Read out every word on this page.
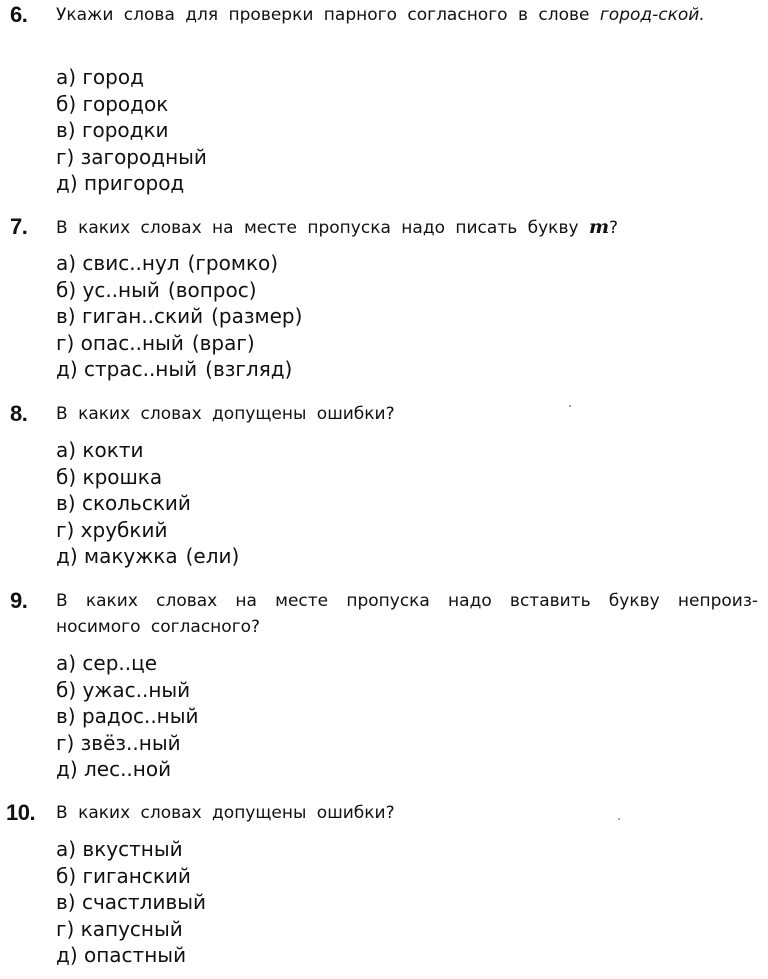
6. Укажи слова для проверки парного согласного в слове город-ской.
а) город
б) городок
в) городки
г) загородный
д) пригород
7. В каких словах на месте пропуска надо писать букву т?
а) свис..нул (громко)
б) ус..ный (вопрос)
в) гиган..ский (размер)
г) опас..ный (враг)
д) страс..ный (взгляд)
8. В каких словах допущены ошибки?
а) кокти
б) крошка
в) скольский
г) хрубкий
д) макужка (ели)
9. В каких словах на месте пропуска надо вставить букву непроиз-носимого согласного?
а) сер..це
б) ужас..ный
в) радос..ный
г) звёз..ный
д) лес..ной
10. В каких словах допущены ошибки?
а) вкустный
б) гиганский
в) счастливый
г) капусный
д) опастный
